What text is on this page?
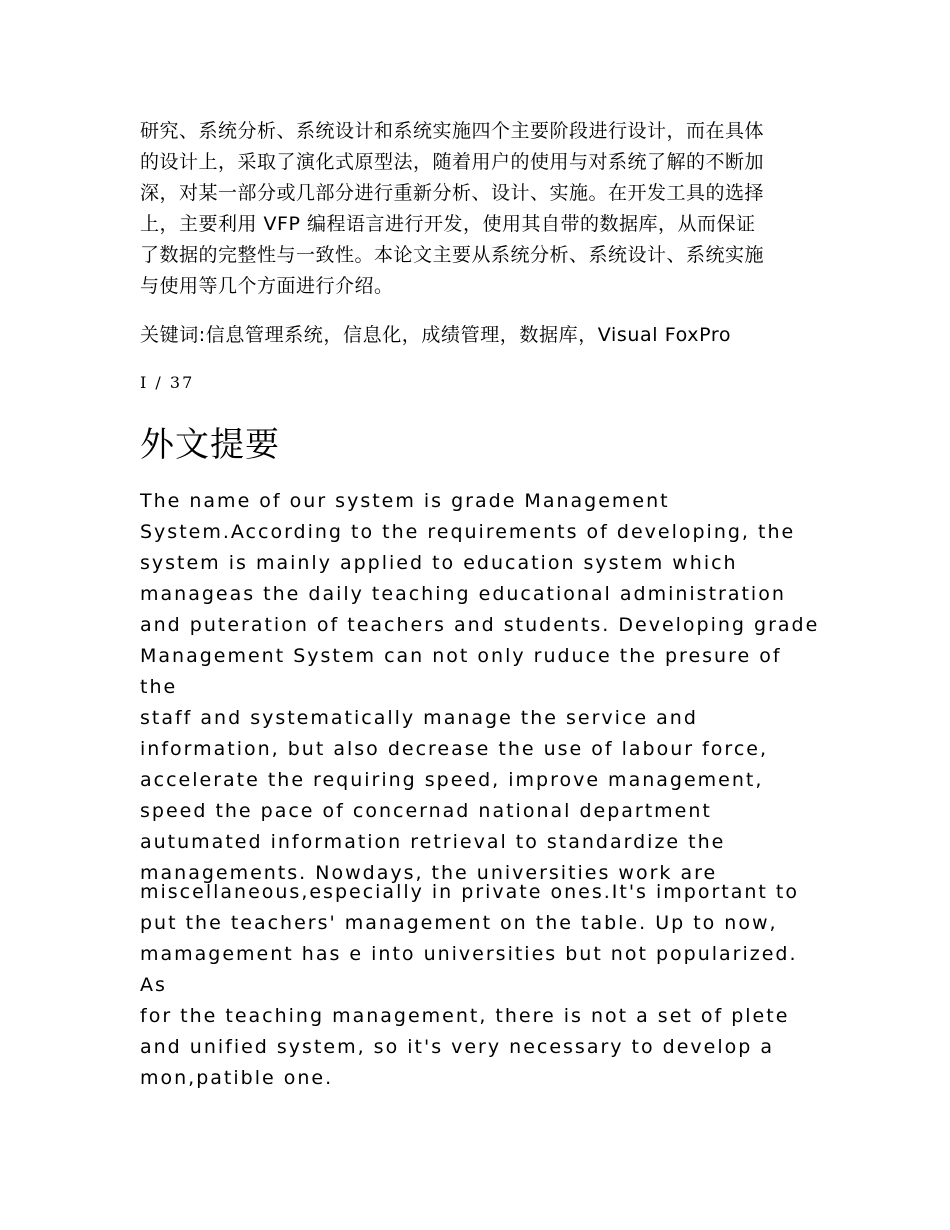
研究、系统分析、系统设计和系统实施四个主要阶段进行设计，而在具体
的设计上，采取了演化式原型法，随着用户的使用与对系统了解的不断加
深，对某一部分或几部分进行重新分析、设计、实施。在开发工具的选择
上，主要利用 VFP 编程语言进行开发，使用其自带的数据库，从而保证
了数据的完整性与一致性。本论文主要从系统分析、系统设计、系统实施
与使用等几个方面进行介绍。

关键词:信息管理系统，信息化，成绩管理，数据库，Visual FoxPro

I / 37

外文提要

The name of our system is grade Management
System.According to the requirements of developing, the
system is mainly applied to education system which
manageas the daily teaching educational administration
and puteration of teachers and students. Developing grade
Management System can not only ruduce the presure of the
staff and systematically manage the service and
information, but also decrease the use of labour force,
accelerate the requiring speed, improve management,
speed the pace of concernad national department
autumated information retrieval to standardize the
managements. Nowdays, the universities work are

miscellaneous,especially in private ones.It's important to
put the teachers' management on the table. Up to now,
mamagement has e into universities but not popularized. As
for the teaching management, there is not a set of plete
and unified system, so it's very necessary to develop a
mon,patible one.
